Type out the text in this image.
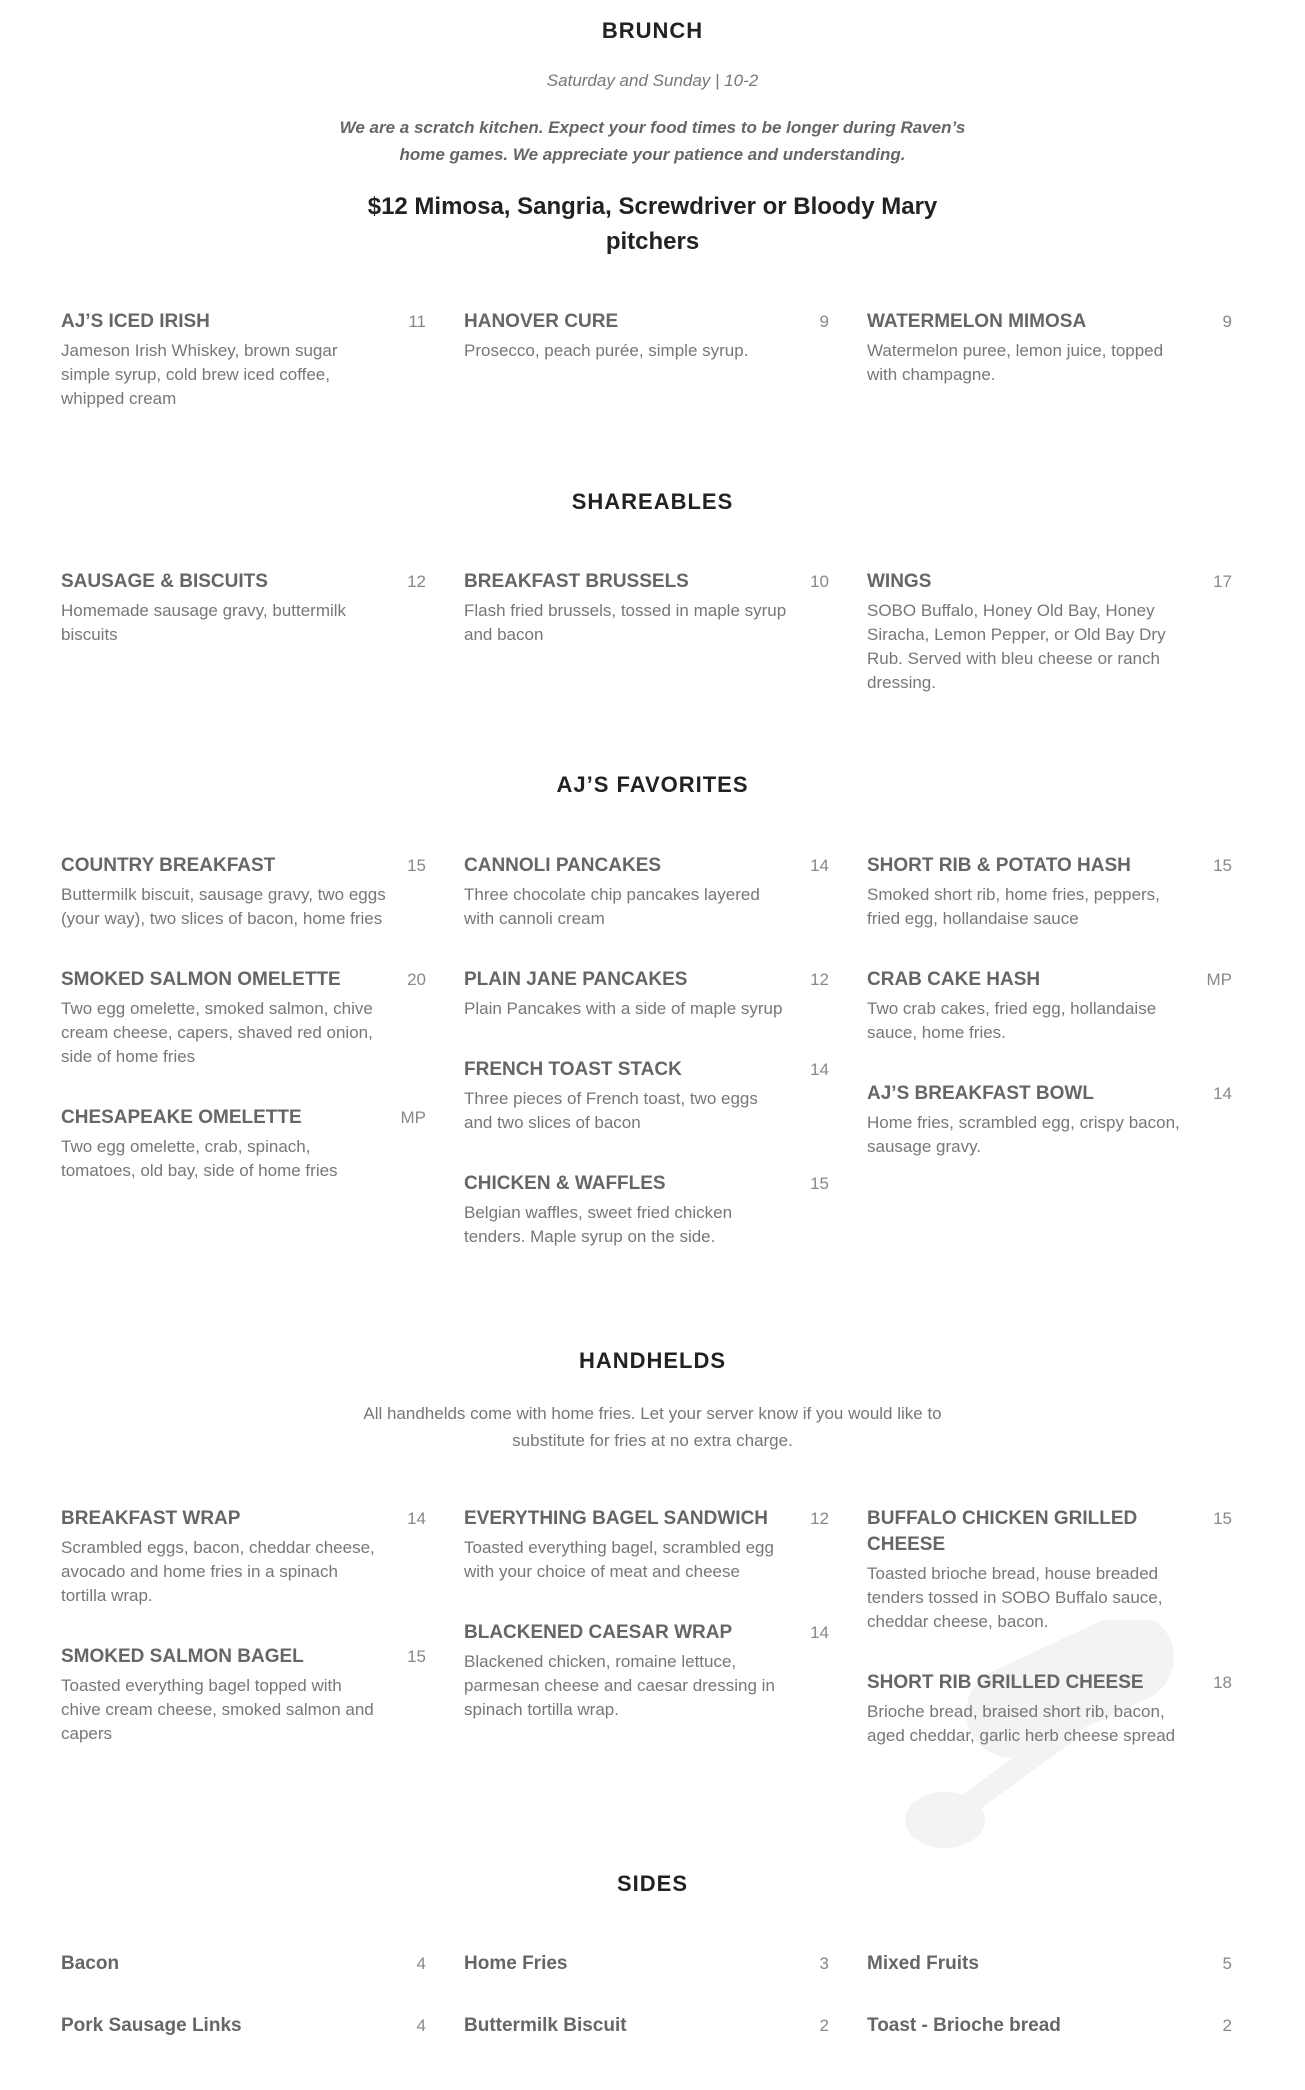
BRUNCH
Saturday and Sunday | 10-2
We are a scratch kitchen. Expect your food times to be longer during Raven’s
home games. We appreciate your patience and understanding.
$12 Mimosa, Sangria, Screwdriver or Bloody Mary
pitchers
AJ’S ICED IRISH	11
Jameson Irish Whiskey, brown sugar simple syrup, cold brew iced coffee, whipped cream
HANOVER CURE	9
Prosecco, peach purée, simple syrup.
WATERMELON MIMOSA	9
Watermelon puree, lemon juice, topped with champagne.
SHAREABLES
SAUSAGE & BISCUITS	12
Homemade sausage gravy, buttermilk biscuits
BREAKFAST BRUSSELS	10
Flash fried brussels, tossed in maple syrup and bacon
WINGS	17
SOBO Buffalo, Honey Old Bay, Honey Siracha, Lemon Pepper, or Old Bay Dry Rub. Served with bleu cheese or ranch dressing.
AJ’S FAVORITES
COUNTRY BREAKFAST	15
Buttermilk biscuit, sausage gravy, two eggs (your way), two slices of bacon, home fries
SMOKED SALMON OMELETTE	20
Two egg omelette, smoked salmon, chive cream cheese, capers, shaved red onion, side of home fries
CHESAPEAKE OMELETTE	MP
Two egg omelette, crab, spinach, tomatoes, old bay, side of home fries
CANNOLI PANCAKES	14
Three chocolate chip pancakes layered with cannoli cream
PLAIN JANE PANCAKES	12
Plain Pancakes with a side of maple syrup
FRENCH TOAST STACK	14
Three pieces of French toast, two eggs and two slices of bacon
CHICKEN & WAFFLES	15
Belgian waffles, sweet fried chicken tenders. Maple syrup on the side.
SHORT RIB & POTATO HASH	15
Smoked short rib, home fries, peppers, fried egg, hollandaise sauce
CRAB CAKE HASH	MP
Two crab cakes, fried egg, hollandaise sauce, home fries.
AJ’S BREAKFAST BOWL	14
Home fries, scrambled egg, crispy bacon, sausage gravy.
HANDHELDS
All handhelds come with home fries. Let your server know if you would like to
substitute for fries at no extra charge.
BREAKFAST WRAP	14
Scrambled eggs, bacon, cheddar cheese, avocado and home fries in a spinach tortilla wrap.
SMOKED SALMON BAGEL	15
Toasted everything bagel topped with chive cream cheese, smoked salmon and capers
EVERYTHING BAGEL SANDWICH	12
Toasted everything bagel, scrambled egg with your choice of meat and cheese
BLACKENED CAESAR WRAP	14
Blackened chicken, romaine lettuce, parmesan cheese and caesar dressing in spinach tortilla wrap.
BUFFALO CHICKEN GRILLED CHEESE
15
Toasted brioche bread, house breaded tenders tossed in SOBO Buffalo sauce, cheddar cheese, bacon.
SHORT RIB GRILLED CHEESE	18
Brioche bread, braised short rib, bacon, aged cheddar, garlic herb cheese spread
SIDES
Bacon	4
Pork Sausage Links	4
Home Fries	3
Buttermilk Biscuit	2
Mixed Fruits	5
Toast - Brioche bread	2
